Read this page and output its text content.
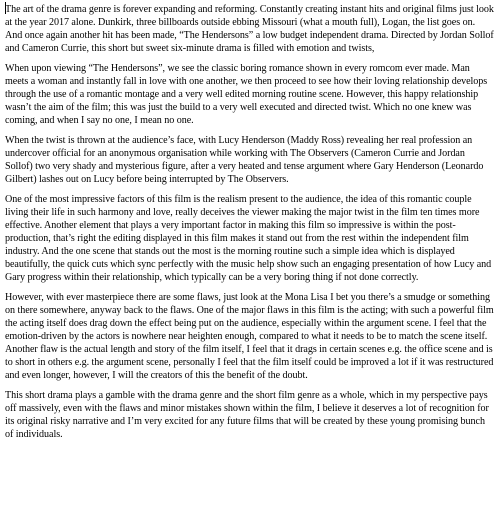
The art of the drama genre is forever expanding and reforming. Constantly creating instant hits and original films just look at the year 2017 alone. Dunkirk, three billboards outside ebbing Missouri (what a mouth full), Logan, the list goes on. And once again another hit has been made, “The Hendersons” a low budget independent drama. Directed by Jordan Sollof and Cameron Currie, this short but sweet six-minute drama is filled with emotion and twists,

When upon viewing “The Hendersons”, we see the classic boring romance shown in every romcom ever made. Man meets a woman and instantly fall in love with one another, we then proceed to see how their loving relationship develops through the use of a romantic montage and a very well edited morning routine scene. However, this happy relationship wasn’t the aim of the film; this was just the build to a very well executed and directed twist. Which no one knew was coming, and when I say no one, I mean no one.

When the twist is thrown at the audience’s face, with Lucy Henderson (Maddy Ross) revealing her real profession an undercover official for an anonymous organisation while working with The Observers (Cameron Currie and Jordan Sollof) two very shady and mysterious figure, after a very heated and tense argument where Gary Henderson (Leonardo Gilbert) lashes out on Lucy before being interrupted by The Observers.

One of the most impressive factors of this film is the realism present to the audience, the idea of this romantic couple living their life in such harmony and love, really deceives the viewer making the major twist in the film ten times more effective. Another element that plays a very important factor in making this film so impressive is within the post-production, that’s right the editing displayed in this film makes it stand out from the rest within the independent film industry. And the one scene that stands out the most is the morning routine such a simple idea which is displayed beautifully, the quick cuts which sync perfectly with the music help show such an engaging presentation of how Lucy and Gary progress within their relationship, which typically can be a very boring thing if not done correctly.

However, with ever masterpiece there are some flaws, just look at the Mona Lisa I bet you there’s a smudge or something on there somewhere, anyway back to the flaws. One of the major flaws in this film is the acting; with such a powerful film the acting itself does drag down the effect being put on the audience, especially within the argument scene. I feel that the emotion-driven by the actors is nowhere near heighten enough, compared to what it needs to be to match the scene itself. Another flaw is the actual length and story of the film itself, I feel that it drags in certain scenes e.g. the office scene and is to short in others e.g. the argument scene, personally I feel that the film itself could be improved a lot if it was restructured and even longer, however, I will the creators of this the benefit of the doubt.

This short drama plays a gamble with the drama genre and the short film genre as a whole, which in my perspective pays off massively, even with the flaws and minor mistakes shown within the film, I believe it deserves a lot of recognition for its original risky narrative and I’m very excited for any future films that will be created by these young promising bunch of individuals.
